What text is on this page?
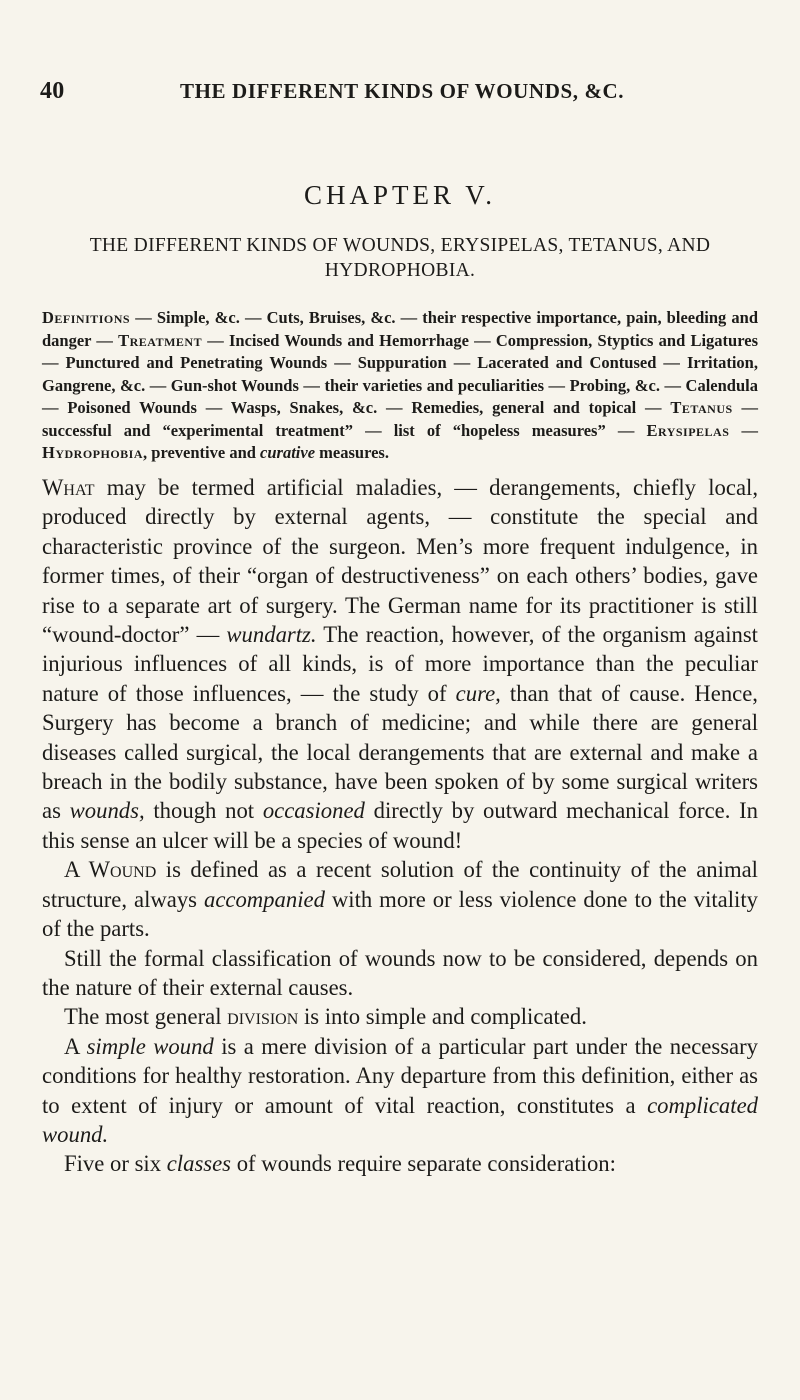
40	THE DIFFERENT KINDS OF WOUNDS, &C.
CHAPTER V.
THE DIFFERENT KINDS OF WOUNDS, ERYSIPELAS, TETANUS, AND HYDROPHOBIA.
Definitions — Simple, &c. — Cuts, Bruises, &c. — their respective importance, pain, bleeding and danger — Treatment — Incised Wounds and Hemorrhage — Compression, Styptics and Ligatures — Punctured and Penetrating Wounds — Suppuration — Lacerated and Contused — Irritation, Gangrene, &c. — Gun-shot Wounds — their varieties and peculiarities — Probing, &c. — Calendula — Poisoned Wounds — Wasps, Snakes, &c. — Remedies, general and topical — Tetanus — successful and “experimental treatment” — list of “hopeless measures” — Erysipelas — Hydrophobia, preventive and curative measures.

What may be termed artificial maladies, — derangements, chiefly local, produced directly by external agents, — constitute the special and characteristic province of the surgeon. Men’s more frequent indulgence, in former times, of their “organ of destructiveness” on each others’ bodies, gave rise to a separate art of surgery. The German name for its practitioner is still “wound-doctor” — wundartz. The reaction, however, of the organism against injurious influences of all kinds, is of more importance than the peculiar nature of those influences, — the study of cure, than that of cause. Hence, Surgery has become a branch of medicine; and while there are general diseases called surgical, the local derangements that are external and make a breach in the bodily substance, have been spoken of by some surgical writers as wounds, though not occasioned directly by outward mechanical force. In this sense an ulcer will be a species of wound!

A Wound is defined as a recent solution of the continuity of the animal structure, always accompanied with more or less violence done to the vitality of the parts.

Still the formal classification of wounds now to be considered, depends on the nature of their external causes.

The most general division is into simple and complicated.

A simple wound is a mere division of a particular part under the necessary conditions for healthy restoration. Any departure from this definition, either as to extent of injury or amount of vital reaction, constitutes a complicated wound.

Five or six classes of wounds require separate consideration:
